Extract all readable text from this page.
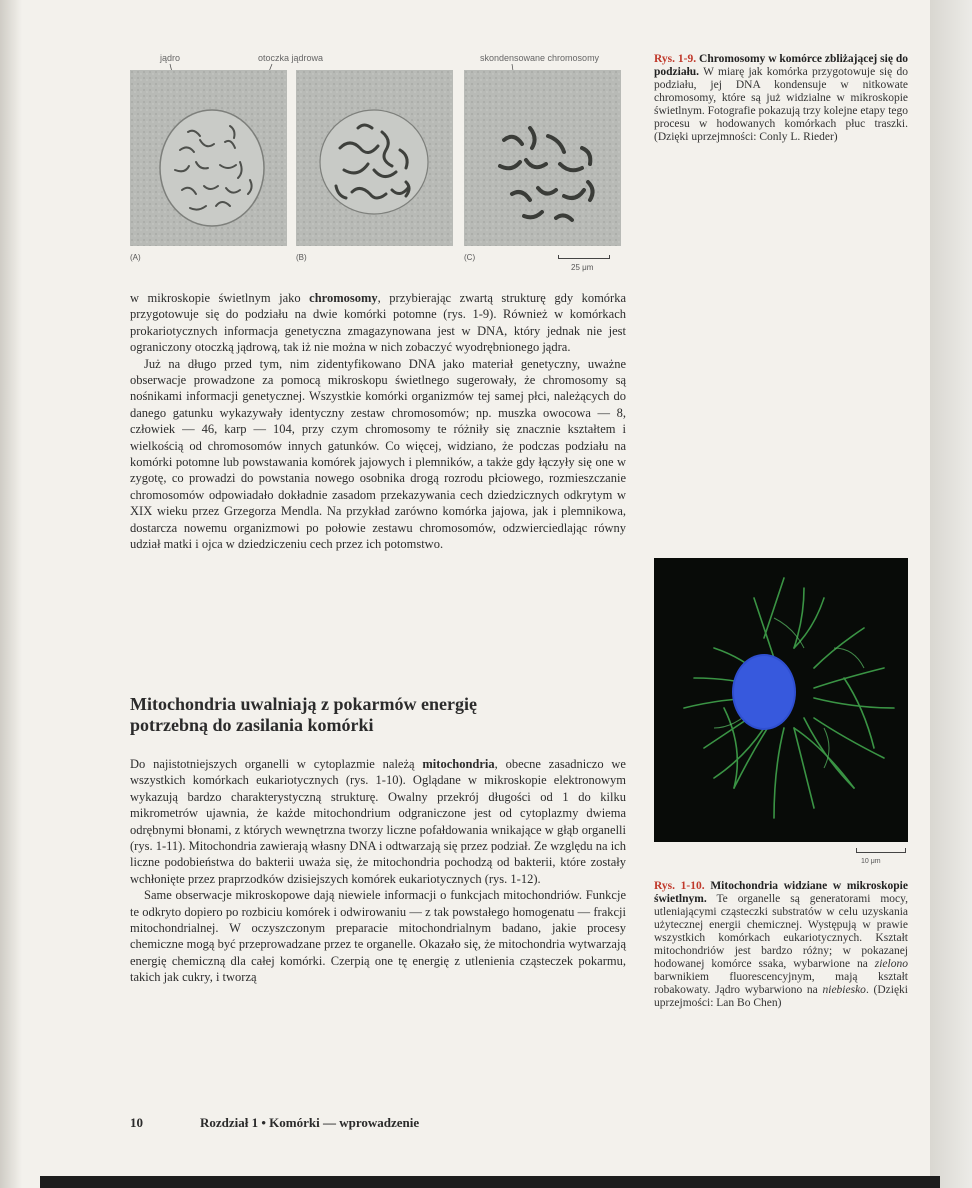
jądro	otoczka jądrowa	skondensowane chromosomy
(A)	(B)	(C)
25 μm
Rys. 1-9. Chromosomy w komórce zbliżającej się do podziału. W miarę jak komórka przygotowuje się do podziału, jej DNA kondensuje w nitkowate chromosomy, które są już widzialne w mikroskopie świetlnym. Fotografie pokazują trzy kolejne etapy tego procesu w hodowanych komórkach płuc traszki. (Dzięki uprzejmności: Conly L. Rieder)

w mikroskopie świetlnym jako chromosomy, przybierając zwartą strukturę gdy komórka przygotowuje się do podziału na dwie komórki potomne (rys. 1-9). Również w komórkach prokariotycznych informacja genetyczna zmagazynowana jest w DNA, który jednak nie jest ograniczony otoczką jądrową, tak iż nie można w nich zobaczyć wyodrębnionego jądra.

Już na długo przed tym, nim zidentyfikowano DNA jako materiał genetyczny, uważne obserwacje prowadzone za pomocą mikroskopu świetlnego sugerowały, że chromosomy są nośnikami informacji genetycznej. Wszystkie komórki organizmów tej samej płci, należących do danego gatunku wykazywały identyczny zestaw chromosomów; np. muszka owocowa — 8, człowiek — 46, karp — 104, przy czym chromosomy te różniły się znacznie kształtem i wielkością od chromosomów innych gatunków. Co więcej, widziano, że podczas podziału na komórki potomne lub powstawania komórek jajowych i plemników, a także gdy łączyły się one w zygotę, co prowadzi do powstania nowego osobnika drogą rozrodu płciowego, rozmieszczanie chromosomów odpowiadało dokładnie zasadom przekazywania cech dziedzicznych odkrytym w XIX wieku przez Grzegorza Mendla. Na przykład zarówno komórka jajowa, jak i plemnikowa, dostarcza nowemu organizmowi po połowie zestawu chromosomów, odzwierciedlając równy udział matki i ojca w dziedziczeniu cech przez ich potomstwo.

Mitochondria uwalniają z pokarmów energię
potrzebną do zasilania komórki

Do najistotniejszych organelli w cytoplazmie należą mitochondria, obecne zasadniczo we wszystkich komórkach eukariotycznych (rys. 1-10). Oglądane w mikroskopie elektronowym wykazują bardzo charakterystyczną strukturę. Owalny przekrój długości od 1 do kilku mikrometrów ujawnia, że każde mitochondrium odgraniczone jest od cytoplazmy dwiema odrębnymi błonami, z których wewnętrzna tworzy liczne pofałdowania wnikające w głąb organelli (rys. 1-11). Mitochondria zawierają własny DNA i odtwarzają się przez podział. Ze względu na ich liczne podobieństwa do bakterii uważa się, że mitochondria pochodzą od bakterii, które zostały wchłonięte przez praprzodków dzisiejszych komórek eukariotycznych (rys. 1-12).

Same obserwacje mikroskopowe dają niewiele informacji o funkcjach mitochondriów. Funkcje te odkryto dopiero po rozbiciu komórek i odwirowaniu — z tak powstałego homogenatu — frakcji mitochondrialnej. W oczyszczonym preparacie mitochondrialnym badano, jakie procesy chemiczne mogą być przeprowadzane przez te organelle. Okazało się, że mitochondria wytwarzają energię chemiczną dla całej komórki. Czerpią one tę energię z utlenienia cząsteczek pokarmu, takich jak cukry, i tworzą

10 μm
Rys. 1-10. Mitochondria widziane w mikroskopie świetlnym. Te organelle są generatorami mocy, utleniającymi cząsteczki substratów w celu uzyskania użytecznej energii chemicznej. Występują w prawie wszystkich komórkach eukariotycznych. Kształt mitochondriów jest bardzo różny; w pokazanej hodowanej komórce ssaka, wybarwione na zielono barwnikiem fluorescencyjnym, mają kształt robakowaty. Jądro wybarwiono na niebiesko. (Dzięki uprzejmości: Lan Bo Chen)
10	Rozdział 1 • Komórki — wprowadzenie
